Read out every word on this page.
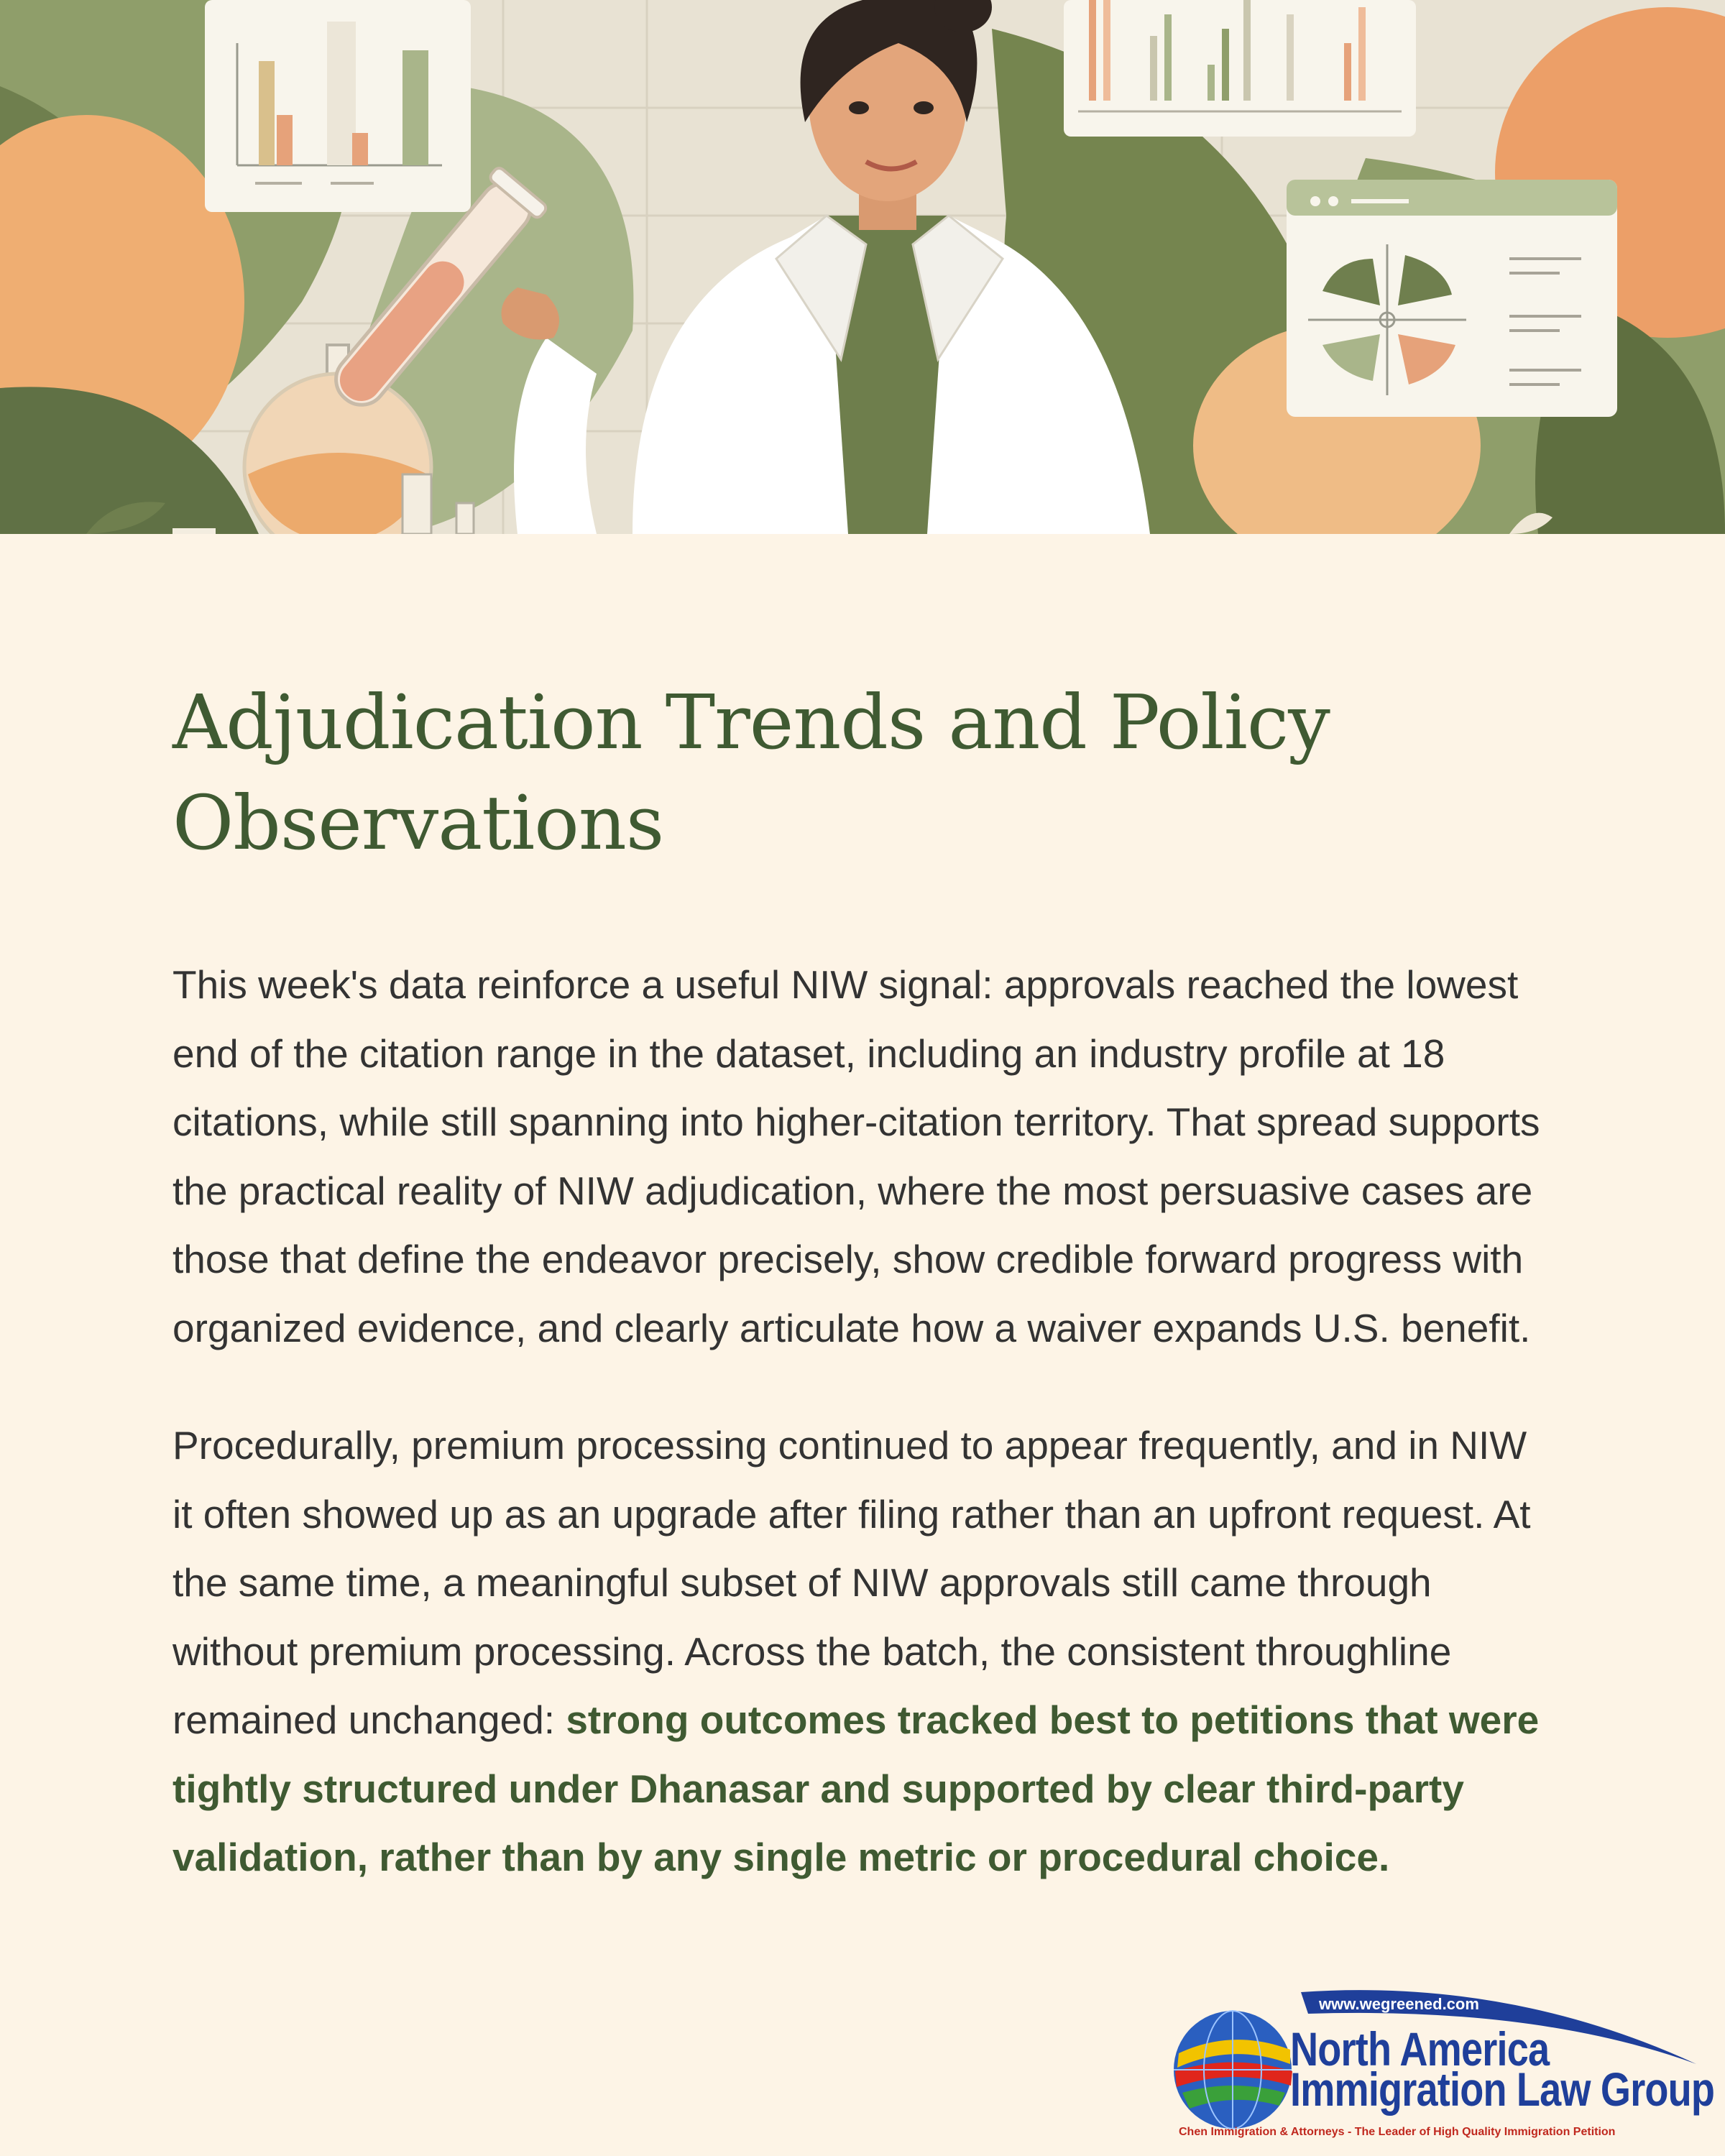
Adjudication Trends and Policy Observations

This week's data reinforce a useful NIW signal: approvals reached the lowest end of the citation range in the dataset, including an industry profile at 18 citations, while still spanning into higher-citation territory. That spread supports the practical reality of NIW adjudication, where the most persuasive cases are those that define the endeavor precisely, show credible forward progress with organized evidence, and clearly articulate how a waiver expands U.S. benefit.

Procedurally, premium processing continued to appear frequently, and in NIW it often showed up as an upgrade after filing rather than an upfront request. At the same time, a meaningful subset of NIW approvals still came through without premium processing. Across the batch, the consistent throughline remained unchanged: strong outcomes tracked best to petitions that were tightly structured under Dhanasar and supported by clear third-party validation, rather than by any single metric or procedural choice.

www.wegreened.com
North America
Immigration Law Group
Chen Immigration & Attorneys - The Leader of High Quality Immigration Petition
